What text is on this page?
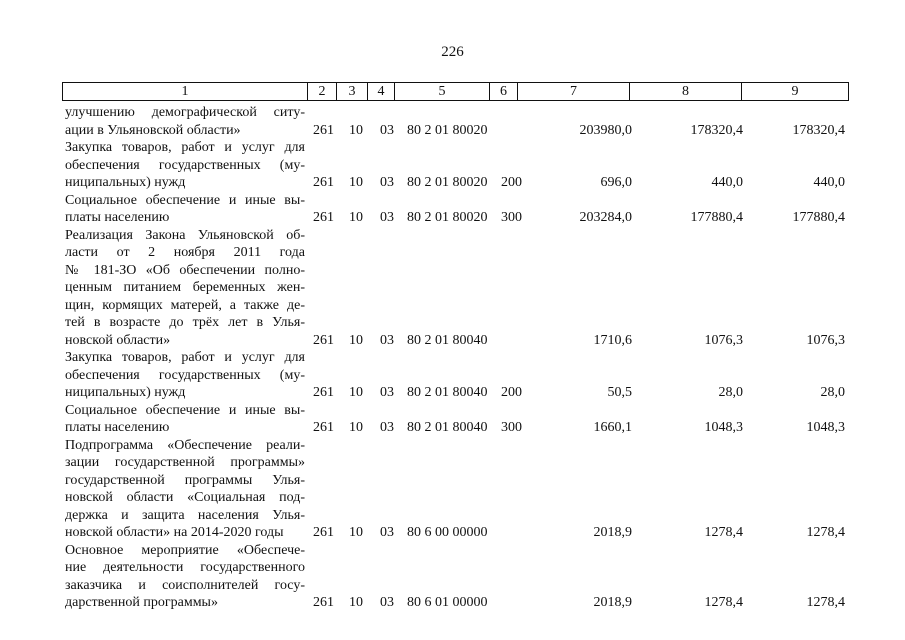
226
1	2	3	4	5	6	7	8	9
улучшению демографической ситу-
ации в Ульяновской области»	261 10 03 80 2 01 80020	203980,0	178320,4	178320,4
Закупка товаров, работ и услуг для
обеспечения государственных (му-
ниципальных) нужд	261 10 03 80 2 01 80020 200	696,0	440,0	440,0
Социальное обеспечение и иные вы-
платы населению	261 10 03 80 2 01 80020 300	203284,0	177880,4	177880,4
Реализация Закона Ульяновской об-
ласти от 2 ноября 2011 года
№ 181-ЗО «Об обеспечении полно-
ценным питанием беременных жен-
щин, кормящих матерей, а также де-
тей в возрасте до трёх лет в Улья-
новской области»	261 10 03 80 2 01 80040	1710,6	1076,3	1076,3
Закупка товаров, работ и услуг для
обеспечения государственных (му-
ниципальных) нужд	261 10 03 80 2 01 80040 200	50,5	28,0	28,0
Социальное обеспечение и иные вы-
платы населению	261 10 03 80 2 01 80040 300	1660,1	1048,3	1048,3
Подпрограмма «Обеспечение реали-
зации государственной программы»
государственной программы Улья-
новской области «Социальная под-
держка и защита населения Улья-
новской области» на 2014-2020 годы	261 10 03 80 6 00 00000	2018,9	1278,4	1278,4
Основное мероприятие «Обеспече-
ние деятельности государственного
заказчика и соисполнителей госу-
дарственной программы»	261 10 03 80 6 01 00000	2018,9	1278,4	1278,4
